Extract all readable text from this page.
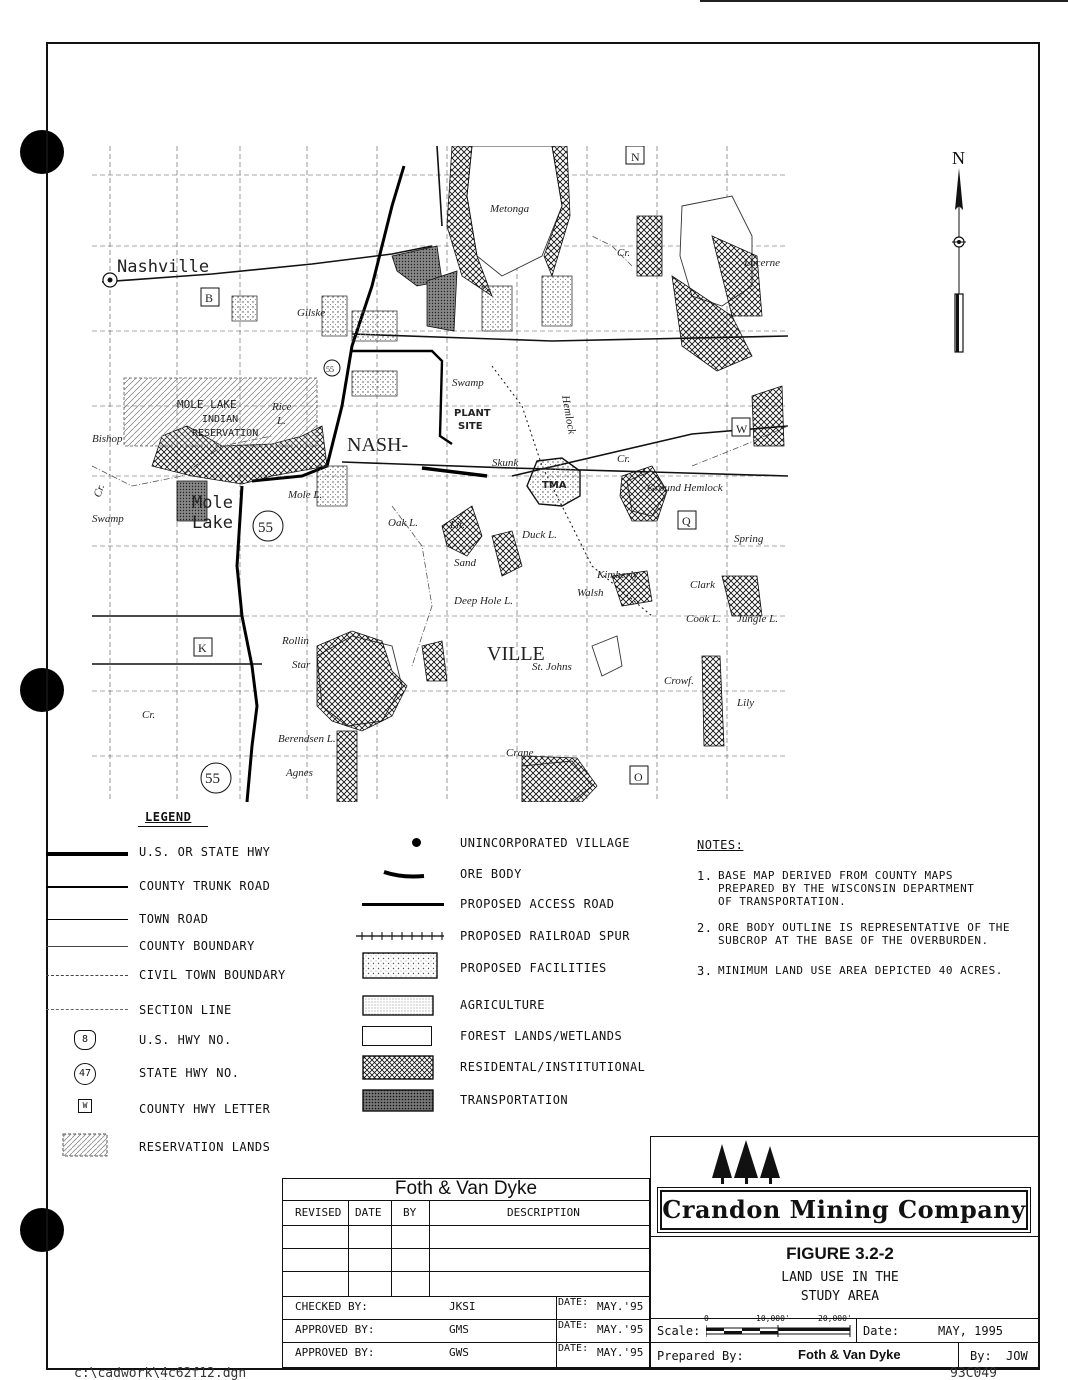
Nashville
B
Gilske
55
MOLE LAKE
INDIAN
RESERVATION
Rice
L.
Bishop	NASH-
VILLE
PLANT
SITE
Swamp
Swamp
Mole L.
Mole
Lake 55	Oak L.	Lit.
Sand
Duck L.
Skunk
TMA	Ground Hemlock
Q
Spring
Kimberly
Walsh
Clark
Deep Hole L.
Cook L. Jungle L.
K	Rollin
Star	St. Johns
Crowf.
Lily
Berendsen L.
Agnes
Crane
O
55
Metonga
W
Lucerne
N
Hemlock
Cr.
Cr.
Cr.
Cr.
N
LEGEND
U.S. OR STATE HWY
COUNTY TRUNK ROAD
TOWN ROAD
COUNTY BOUNDARY
CIVIL TOWN BOUNDARY
SECTION LINE
8	U.S. HWY NO.
47	STATE HWY NO.
W	COUNTY HWY LETTER
RESERVATION LANDS
UNINCORPORATED VILLAGE
ORE BODY
PROPOSED ACCESS ROAD
PROPOSED RAILROAD SPUR
PROPOSED FACILITIES
AGRICULTURE
FOREST LANDS/WETLANDS
RESIDENTAL/INSTITUTIONAL
TRANSPORTATION
NOTES:
1. BASE MAP DERIVED FROM COUNTY MAPS
PREPARED BY THE WISCONSIN DEPARTMENT
OF TRANSPORTATION.
2. ORE BODY OUTLINE IS REPRESENTATIVE OF THE
SUBCROP AT THE BASE OF THE OVERBURDEN.
3. MINIMUM LAND USE AREA DEPICTED 40 ACRES.
Foth & Van Dyke
REVISED DATE BY	DESCRIPTION
CHECKED BY:	JKSI	DATE: MAY.'95
APPROVED BY:	GMS	DATE: MAY.'95
APPROVED BY:	GWS	DATE: MAY.'95
Crandon Mining Company
FIGURE 3.2-2
LAND USE IN THE
STUDY AREA
Scale:
0	10,000'	20,000'
Date:	MAY, 1995
Prepared By:	Foth & Van Dyke	By: JOW
c:\cadwork\4c62f12.dgn	93C049
